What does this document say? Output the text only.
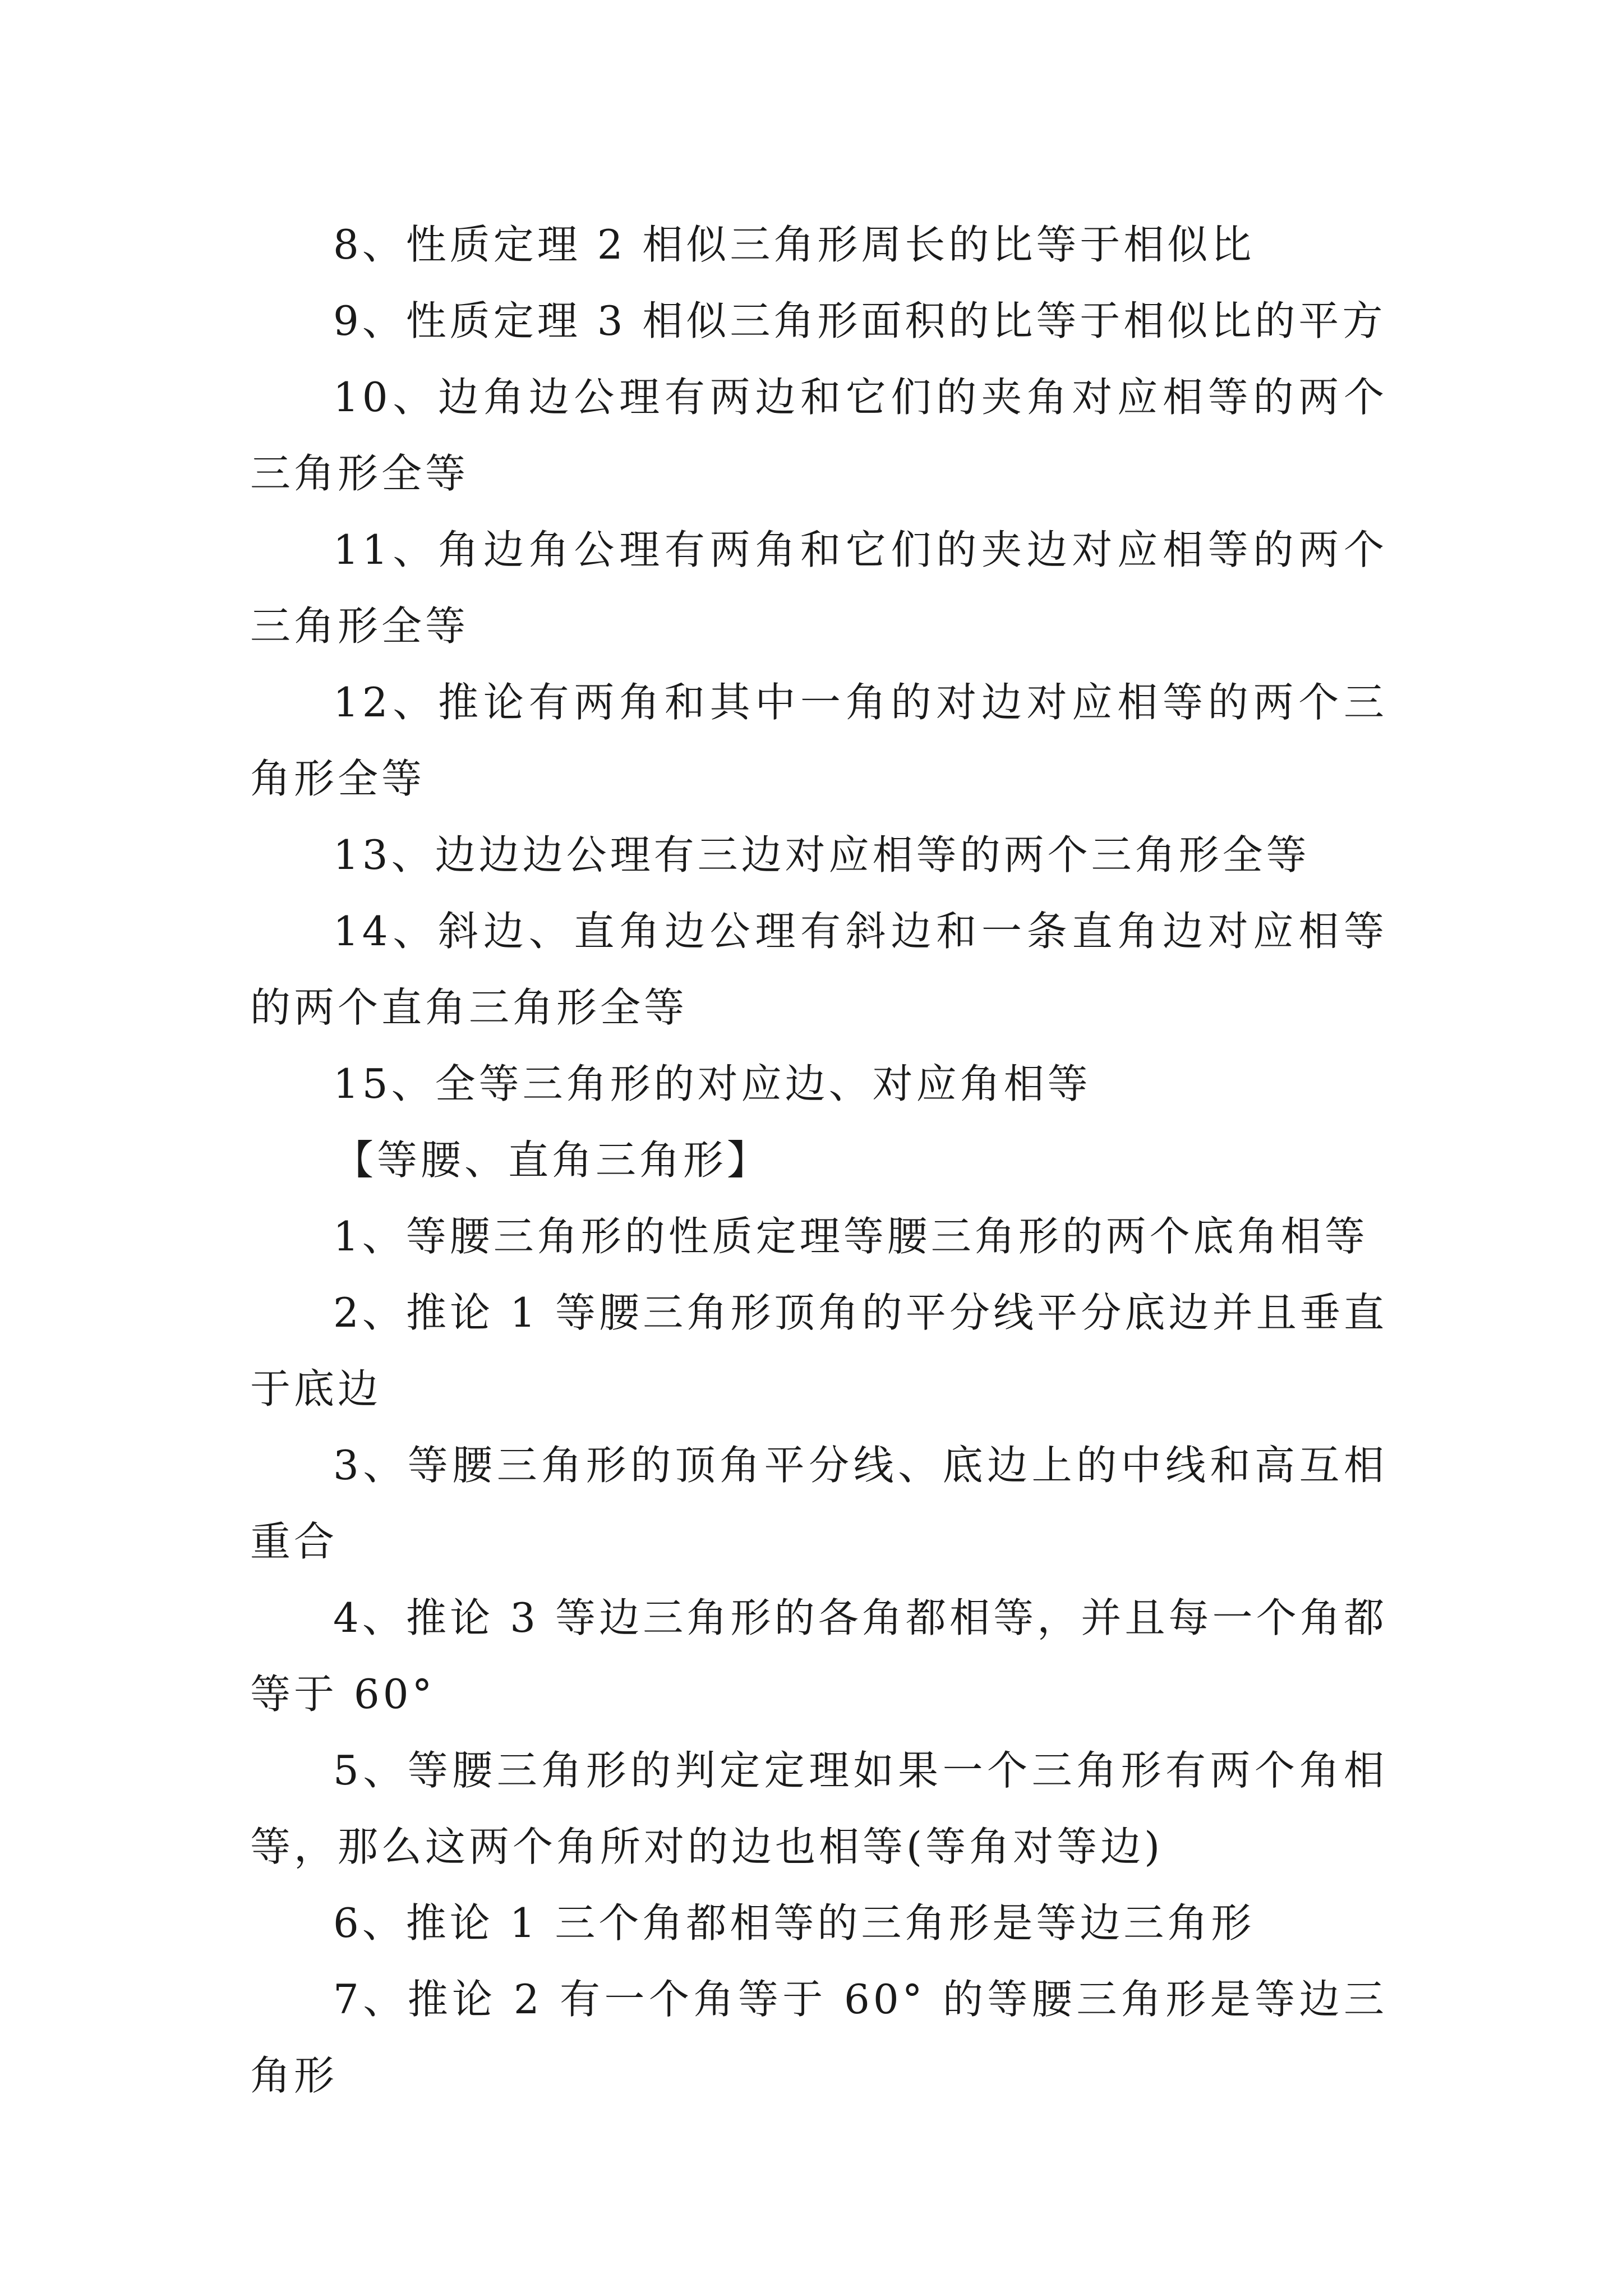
8、性质定理 2 相似三角形周长的比等于相似比

9、性质定理 3 相似三角形面积的比等于相似比的平方

10、边角边公理有两边和它们的夹角对应相等的两个三角形全等

11、角边角公理有两角和它们的夹边对应相等的两个三角形全等

12、推论有两角和其中一角的对边对应相等的两个三角形全等

13、边边边公理有三边对应相等的两个三角形全等

14、斜边、直角边公理有斜边和一条直角边对应相等的两个直角三角形全等

15、全等三角形的对应边、对应角相等

【等腰、直角三角形】

1、等腰三角形的性质定理等腰三角形的两个底角相等

2、推论 1 等腰三角形顶角的平分线平分底边并且垂直于底边

3、等腰三角形的顶角平分线、底边上的中线和高互相重合

4、推论 3 等边三角形的各角都相等，并且每一个角都等于 60°

5、等腰三角形的判定定理如果一个三角形有两个角相等，那么这两个角所对的边也相等(等角对等边)

6、推论 1 三个角都相等的三角形是等边三角形

7、推论 2 有一个角等于 60° 的等腰三角形是等边三角形
